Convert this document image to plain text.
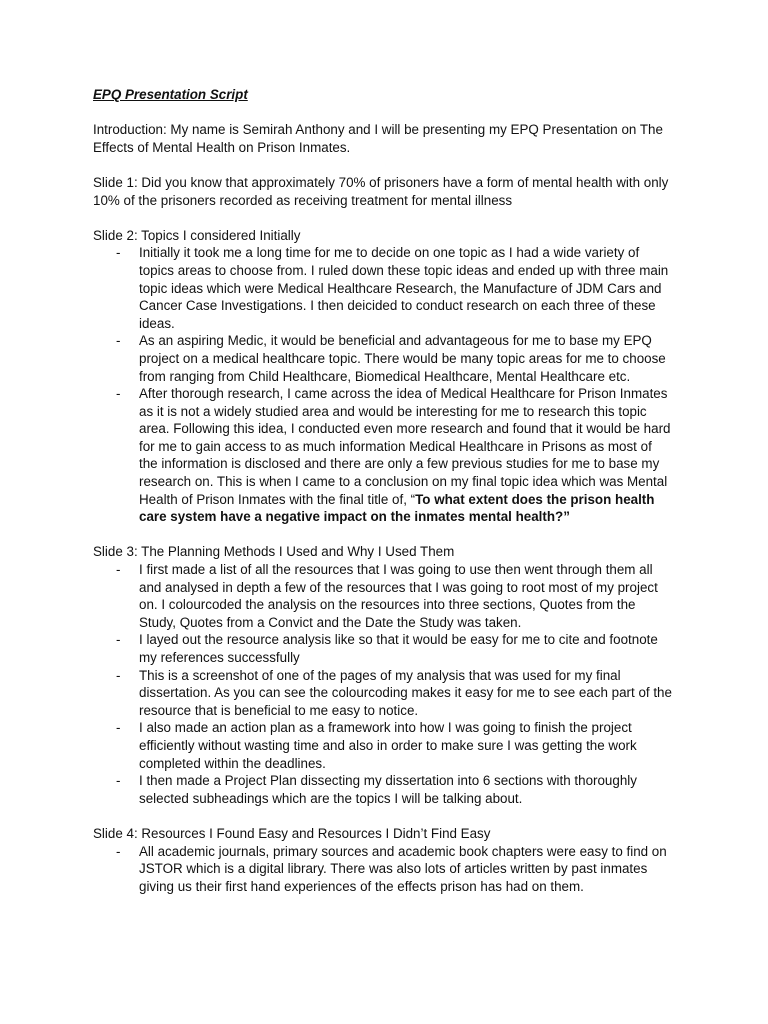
EPQ Presentation Script

Introduction: My name is Semirah Anthony and I will be presenting my EPQ Presentation on The Effects of Mental Health on Prison Inmates.

Slide 1: Did you know that approximately 70% of prisoners have a form of mental health with only 10% of the prisoners recorded as receiving treatment for mental illness

Slide 2: Topics I considered Initially

- Initially it took me a long time for me to decide on one topic as I had a wide variety of topics areas to choose from. I ruled down these topic ideas and ended up with three main topic ideas which were Medical Healthcare Research, the Manufacture of JDM Cars and Cancer Case Investigations. I then deicided to conduct research on each three of these ideas.
- As an aspiring Medic, it would be beneficial and advantageous for me to base my EPQ project on a medical healthcare topic. There would be many topic areas for me to choose from ranging from Child Healthcare, Biomedical Healthcare, Mental Healthcare etc.
- After thorough research, I came across the idea of Medical Healthcare for Prison Inmates as it is not a widely studied area and would be interesting for me to research this topic area. Following this idea, I conducted even more research and found that it would be hard for me to gain access to as much information Medical Healthcare in Prisons as most of the information is disclosed and there are only a few previous studies for me to base my research on. This is when I came to a conclusion on my final topic idea which was Mental Health of Prison Inmates with the final title of, “To what extent does the prison health care system have a negative impact on the inmates mental health?”

Slide 3: The Planning Methods I Used and Why I Used Them

- I first made a list of all the resources that I was going to use then went through them all and analysed in depth a few of the resources that I was going to root most of my project on. I colourcoded the analysis on the resources into three sections, Quotes from the Study, Quotes from a Convict and the Date the Study was taken.
- I layed out the resource analysis like so that it would be easy for me to cite and footnote my references successfully
- This is a screenshot of one of the pages of my analysis that was used for my final dissertation. As you can see the colourcoding makes it easy for me to see each part of the resource that is beneficial to me easy to notice.
- I also made an action plan as a framework into how I was going to finish the project efficiently without wasting time and also in order to make sure I was getting the work completed within the deadlines.
- I then made a Project Plan dissecting my dissertation into 6 sections with thoroughly selected subheadings which are the topics I will be talking about.

Slide 4: Resources I Found Easy and Resources I Didn’t Find Easy

- All academic journals, primary sources and academic book chapters were easy to find on JSTOR which is a digital library. There was also lots of articles written by past inmates giving us their first hand experiences of the effects prison has had on them.
